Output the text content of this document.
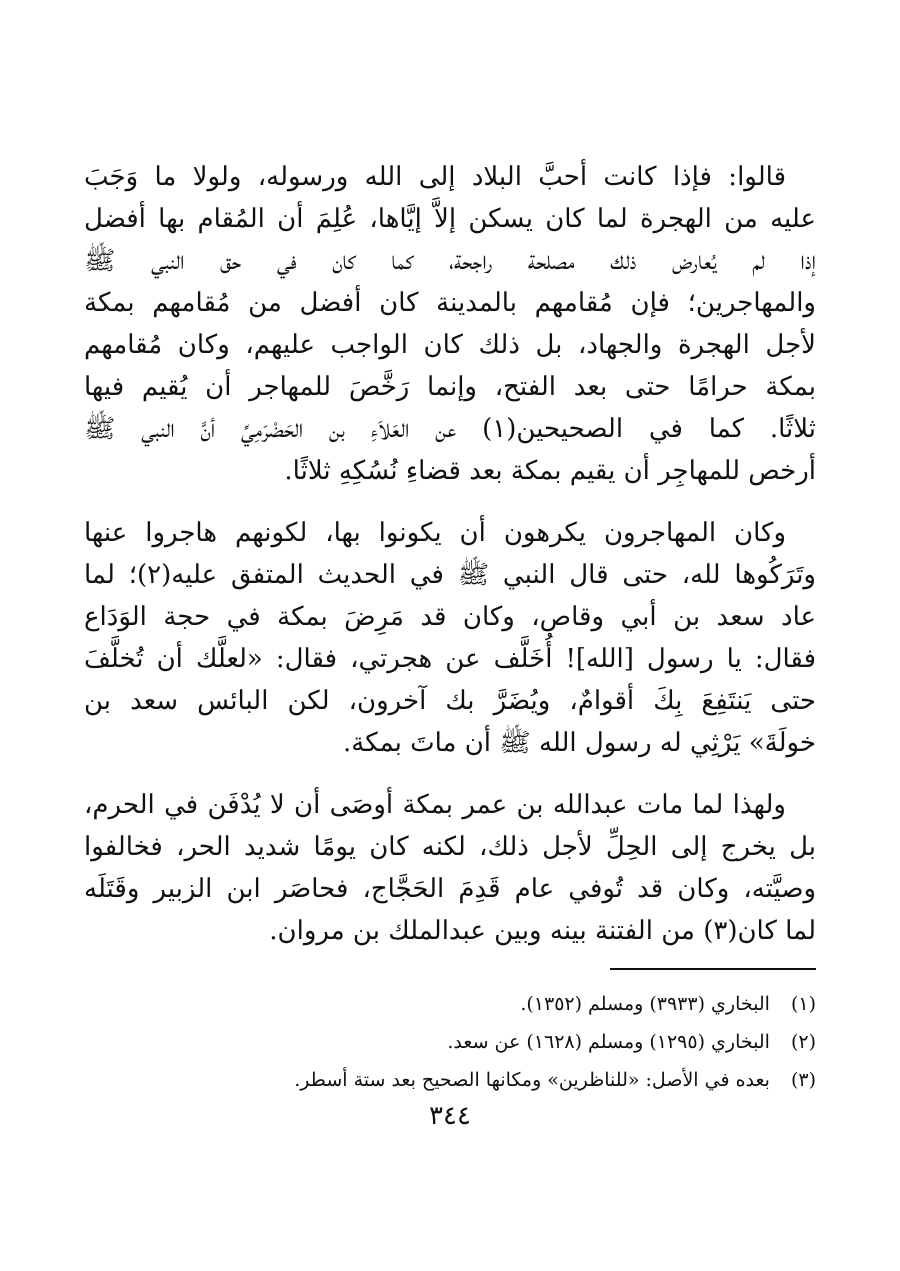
قالوا: فإذا كانت أحبَّ البلاد إلى الله ورسوله، ولولا ما وَجَبَ
عليه من الهجرة لما كان يسكن إلاَّ إيَّاها، عُلِمَ أن المُقام بها أفضل
إذا لم يُعارض ذلك مصلحة راجحة، كما كان في حق النبي ﷺ
والمهاجرين؛ فإن مُقامهم بالمدينة كان أفضل من مُقامهم بمكة
لأجل الهجرة والجهاد، بل ذلك كان الواجب عليهم، وكان مُقامهم
بمكة حرامًا حتى بعد الفتح، وإنما رَخَّصَ للمهاجر أن يُقيم فيها
ثلاثًا. كما في الصحيحين(١) عن العَلاَءِ بن الحَضْرَمِيِّ أنَّ النبي ﷺ
أرخص للمهاجِر أن يقيم بمكة بعد قضاءِ نُسُكِهِ ثلاثًا.
وكان المهاجرون يكرهون أن يكونوا بها، لكونهم هاجروا عنها
وتَرَكُوها لله، حتى قال النبي ﷺ في الحديث المتفق عليه(٢)؛ لما
عاد سعد بن أبي وقاص، وكان قد مَرِضَ بمكة في حجة الوَدَاع
فقال: يا رسول [الله]! أُخَلَّف عن هجرتي، فقال: «لعلَّك أن تُخلَّفَ
حتى يَنتَفِعَ بِكَ أقوامٌ، ويُضَرَّ بك آخرون، لكن البائس سعد بن
خولَةَ» يَرْثِي له رسول الله ﷺ أن ماتَ بمكة.
ولهذا لما مات عبدالله بن عمر بمكة أوصَى أن لا يُدْفَن في الحرم،
بل يخرج إلى الحِلِّ لأجل ذلك، لكنه كان يومًا شديد الحر، فخالفوا
وصيَّته، وكان قد تُوفي عام قَدِمَ الحَجَّاج، فحاصَر ابن الزبير وقَتَلَه
لما كان(٣) من الفتنة بينه وبين عبدالملك بن مروان.
(١) البخاري (٣٩٣٣) ومسلم (١٣٥٢).
(٢) البخاري (١٢٩٥) ومسلم (١٦٢٨) عن سعد.
(٣) بعده في الأصل: «للناظرين» ومكانها الصحيح بعد ستة أسطر.
٣٤٤
